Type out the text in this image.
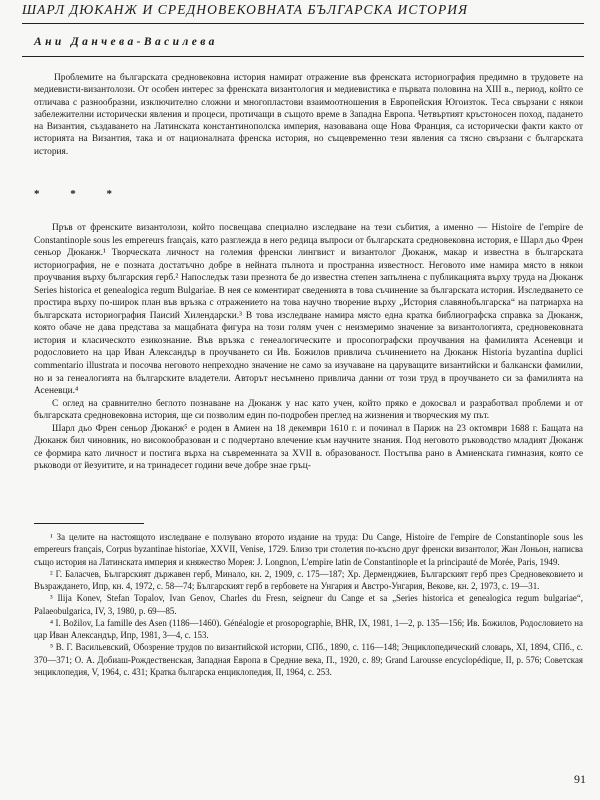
ШАРЛ ДЮКАНЖ И СРЕДНОВЕКОВНАТА БЪЛГАРСКА ИСТОРИЯ
Ани Данчева-Василева

Проблемите на българската средновековна история намират отражение във френската историография предимно в трудовете на медиевисти-византолози. От особен интерес за френската византология и медиевистика е първата половина на XIII в., период, който се отличава с разнообразни, изключително сложни и многопластови взаимоотношения в Европейския Югоизток. Теса свързани с някои забележителни исторически явления и процеси, протичащи в същото време в Западна Европа. Четвъртият кръстоносен поход, падането на Византия, създаването на Латинската константинополска империя, назовавана още Нова Франция, са исторически факти както от историята на Византия, така и от националната френска история, но същевременно тези явления са тясно свързани с българската история.

* * *

Пръв от френските византолози, който посвещава специално изследване на тези събития, а именно — Histoire de l'empire de Constantinople sous les empereurs français, като разглежда в него редица въпроси от българската средновековна история, е Шарл дьо Френ сеньор Дюканж.¹ Творческата личност на големия френски лингвист и византолог Дюканж, макар и известна в българската историография, не е позната достатъчно добре в нейната пълнота и пространна известност. Неговото име намира място в някои проучвания върху българския герб.² Напоследък тази презнота бе до известна степен запълнена с публикацията върху труда на Дюканж Series historica et genealogica regum Bulgariae. В нея се коментират сведенията в това съчинение за българската история. Изследването се простира върху по-широк план във връзка с отражението на това научно творение върху „История славянобългарска“ на патриарха на българската историография Паисий Хилендарски.³ В това изследване намира място една кратка библиографска справка за Дюканж, която обаче не дава представа за мащабната фигура на този голям учен с неизмеримо значение за византологията, средновековната история и класическото езикознание. Във връзка с генеалогическите и просопографски проучвания на фамилията Асеневци и родословието на цар Иван Александър в проучването си Ив. Божилов привлича съчинението на Дюканж Historia byzantina duplici commentario illustrata и посочва неговото непреходно значение не само за изучаване на царуващите византийски и балкански фамилии, но и за генеалогията на българските владетели. Авторът несъмнено привлича данни от този труд в проучването си за фамилията на Асеневци.⁴

С оглед на сравнително беглото познаване на Дюканж у нас като учен, който пряко е докосвал и разработвал проблеми и от българската средновековна история, ще си позволим един по-подробен преглед на жизнения и творческия му път.

Шарл дьо Френ сеньор Дюканж⁵ е роден в Амиен на 18 декември 1610 г. и починал в Париж на 23 октомври 1688 г. Бащата на Дюканж бил чиновник, но високообразован и с подчертано влечение към научните знания. Под неговото ръководство младият Дюканж се формира като личност и постига върха на съвременната за XVII в. образованост. Постъпва рано в Амиенската гимназия, която се ръководи от йезуитите, и на тринадесет години вече добре знае гръц-

¹ За целите на настоящото изследване е ползувано второто издание на труда: Du Cange, Histoire de l'empire de Constantinople sous les empereurs français, Corpus byzantinae historiae, XXVII, Venise, 1729. Близо три столетия по-късно друг френски византолог, Жан Лоньон, написва също история на Латинската империя и княжество Морея: J. Longnon, L'empire latin de Constantinople et la principauté de Morée, Paris, 1949.

² Г. Баласчев, Българският държавен герб, Минало, кн. 2, 1909, с. 175—187; Хр. Дерменджиев, Българският герб през Средновековието и Възраждането, Ипр, кн. 4, 1972, с. 58—74; Българският герб в гербовете на Унгария и Австро-Унгария, Векове, кн. 2, 1973, с. 19—31.

³ Ilija Konev, Stefan Topalov, Ivan Genov, Charles du Fresn, seigneur du Cange et sa „Series historica et genealogica regum bulgariae“, Palaeobulgarica, IV, 3, 1980, p. 69—85.

⁴ I. Božilov, La famille des Asen (1186—1460). Généalogie et prosopographie, BHR, IX, 1981, 1—2, p. 135—156; Ив. Божилов, Родословието на цар Иван Александър, Ипр, 1981, 3—4, с. 153.

⁵ В. Г. Васильевский, Обозрение трудов по византийской истории, СПб., 1890, с. 116—148; Энциклопедический словарь, XI, 1894, СПб., с. 370—371; О. А. Добиаш-Рождественская, Западная Европа в Средние века, П., 1920, с. 89; Grand Larousse encyclopédique, II, p. 576; Советская энциклопедия, V, 1964, с. 431; Кратка българска енциклопедия, II, 1964, с. 253.

91
